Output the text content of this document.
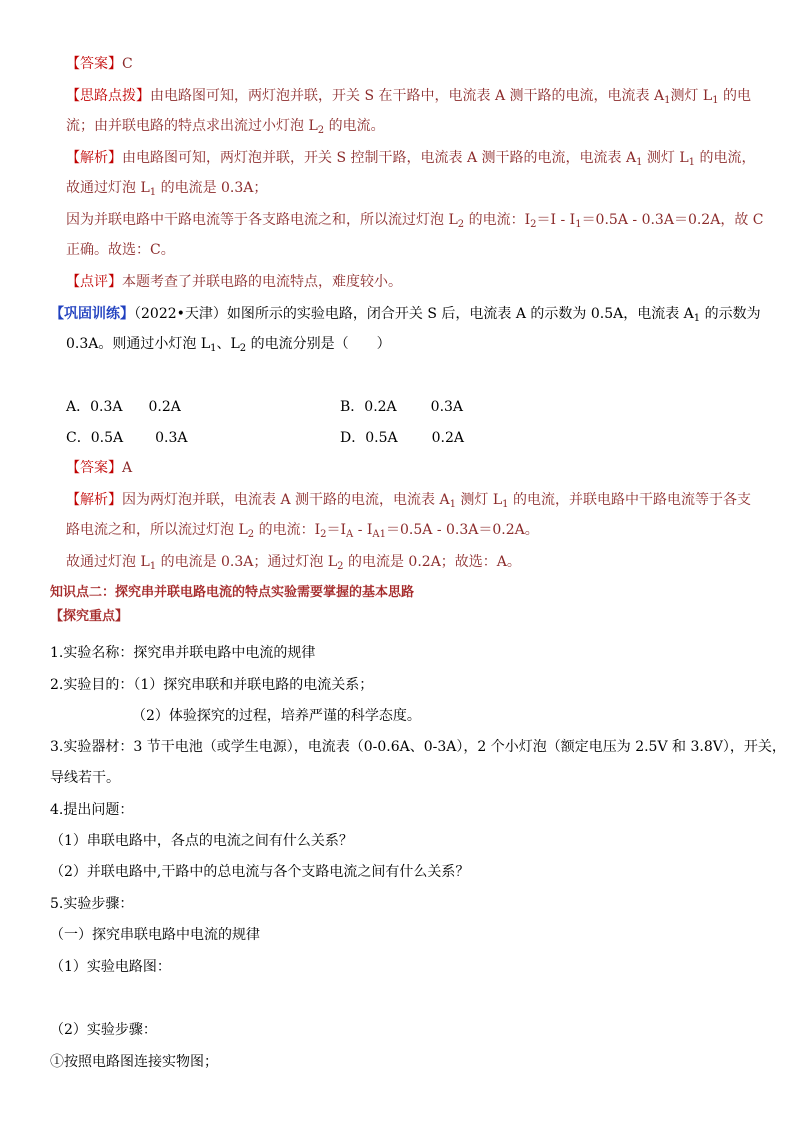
【答案】C
【思路点拨】由电路图可知，两灯泡并联，开关 S 在干路中，电流表 A 测干路的电流，电流表 $A_1$测灯 $L_1$ 的电
流；由并联电路的特点求出流过小灯泡 $L_2$ 的电流。
【解析】由电路图可知，两灯泡并联，开关 S 控制干路，电流表 A 测干路的电流，电流表 $A_1$ 测灯 $L_1$ 的电流，
故通过灯泡 $L_1$ 的电流是 0.3A；
因为并联电路中干路电流等于各支路电流之和，所以流过灯泡 $L_2$ 的电流：$I_2=I - I_1=0.5A - 0.3A=0.2A$，故 C
正确。故选：C。
【点评】本题考查了并联电路的电流特点，难度较小。
【巩固训练】（2022•天津）如图所示的实验电路，闭合开关 S 后，电流表 A 的示数为 0.5A，电流表 $A_1$ 的示数为
0.3A。则通过小灯泡 $L_1$、$L_2$ 的电流分别是（　　）
A．0.3A 0.2A	B．0.2A 0.3A
C．0.5A 0.3A	D．0.5A 0.2A
【答案】A
【解析】因为两灯泡并联，电流表 A 测干路的电流，电流表 $A_1$ 测灯 $L_1$ 的电流，并联电路中干路电流等于各支
路电流之和，所以流过灯泡 $L_2$ 的电流：$I_2=I_A - I_{A1}=0.5A - 0.3A=0.2A$。
故通过灯泡 $L_1$ 的电流是 0.3A；通过灯泡 $L_2$ 的电流是 0.2A；故选：A。
知识点二：探究串并联电路电流的特点实验需要掌握的基本思路
【探究重点】
1.实验名称：探究串并联电路中电流的规律
2.实验目的：（1）探究串联和并联电路的电流关系；
（2）体验探究的过程，培养严谨的科学态度。
3.实验器材：3 节干电池（或学生电源），电流表（0-0.6A、0-3A），2 个小灯泡（额定电压为 2.5V 和 3.8V），开关，
导线若干。
4.提出问题：
（1）串联电路中，各点的电流之间有什么关系？
（2）并联电路中,干路中的总电流与各个支路电流之间有什么关系？
5.实验步骤：
（一）探究串联电路中电流的规律
（1）实验电路图：
（2）实验步骤：
①按照电路图连接实物图；
